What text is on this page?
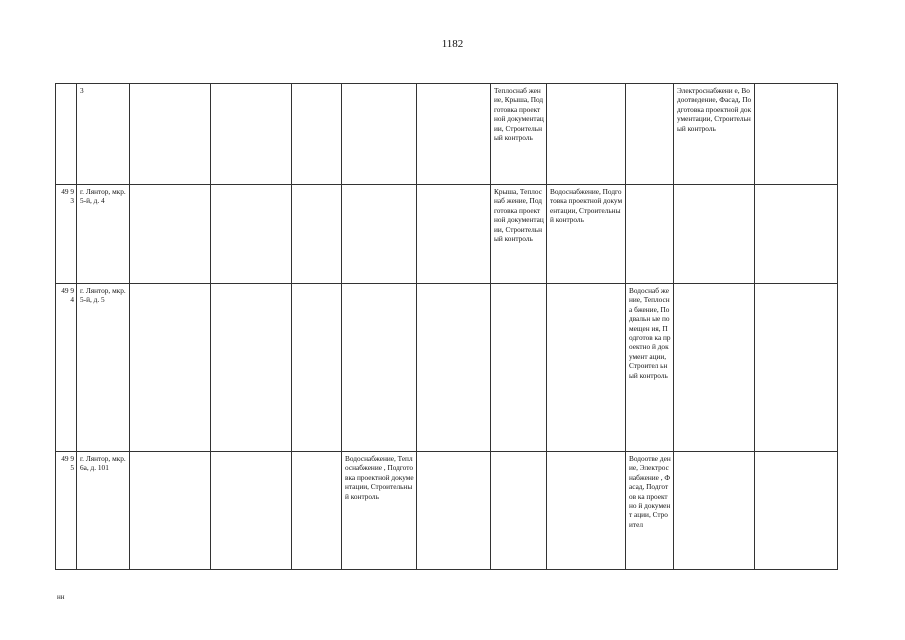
1182
	3						Теплоснаб жение, Крыша, Подготовка проектной документац ии, Строительн ый контроль			Электроснабжени е, Водоотведение, Фасад, Подготовка проектной документации, Строительный контроль	
49 93	г. Лянтор, мкр. 5-й, д. 4						Крыша, Теплоснаб жение, Подготовка проектной документац ии, Строительн ый контроль	Водоснабжение, Подготовка проектной документации, Строительный контроль			
49 94	г. Лянтор, мкр. 5-й, д. 5								Водоснаб жение, Теплосна бжение, Подвальн ые помещен ия, Подготов ка проектно й документ ации, Строител ьный контроль		
49 95	г. Лянтор, мкр. 6а, д. 101				Водоснабжение, Теплоснабжение , Подготовка проектной документации, Строительный контроль				Водоотве дение, Электрос набжение , Фасад, Подготов ка проектно й документ ации, Строител		
нн
